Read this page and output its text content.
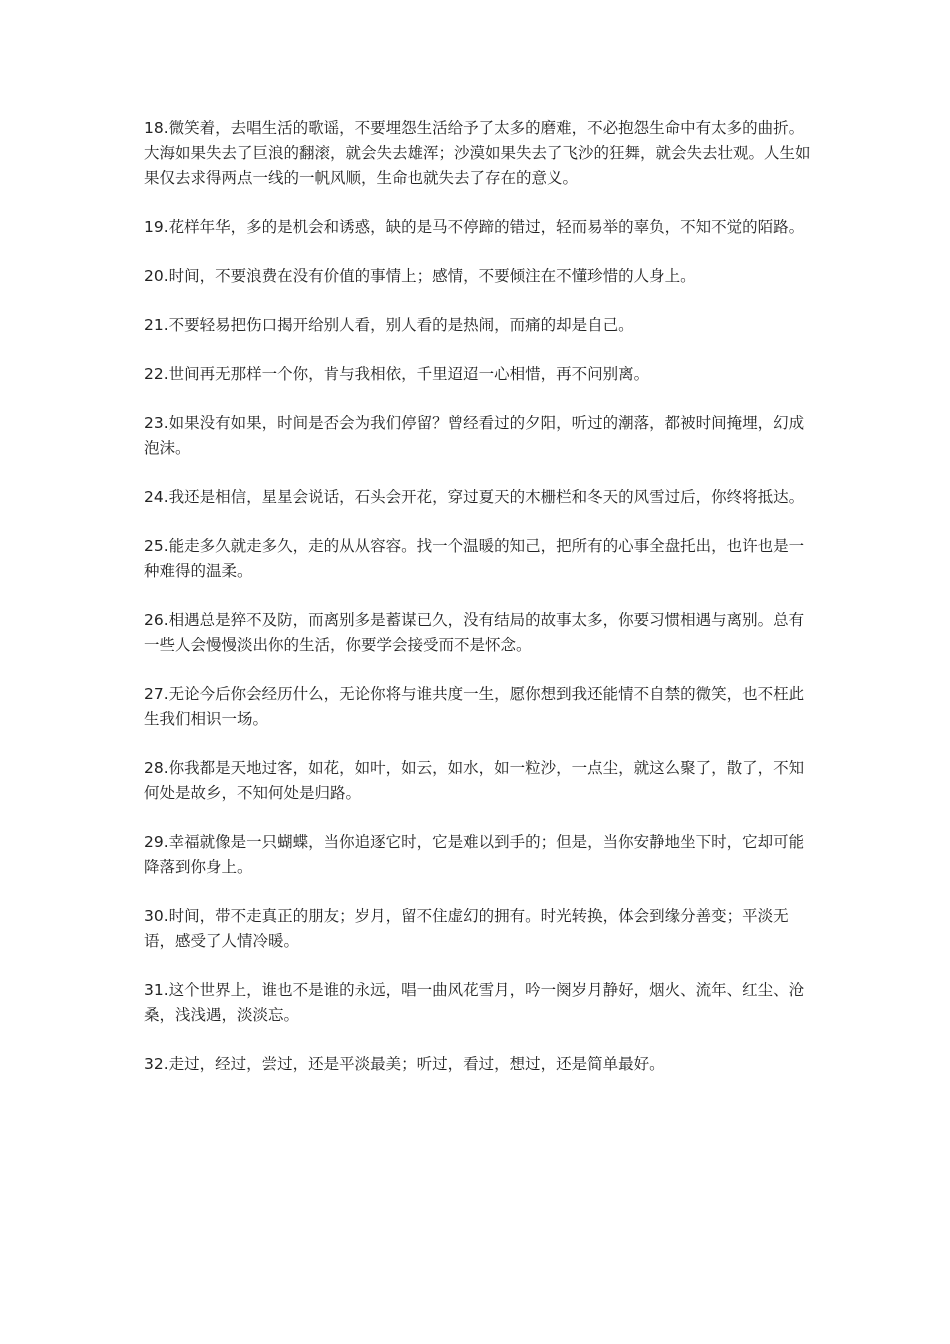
18.微笑着，去唱生活的歌谣，不要埋怨生活给予了太多的磨难，不必抱怨生命中有太多的曲折。大海如果失去了巨浪的翻滚，就会失去雄浑；沙漠如果失去了飞沙的狂舞，就会失去壮观。人生如果仅去求得两点一线的一帆风顺，生命也就失去了存在的意义。

19.花样年华，多的是机会和诱惑，缺的是马不停蹄的错过，轻而易举的辜负，不知不觉的陌路。

20.时间，不要浪费在没有价值的事情上；感情，不要倾注在不懂珍惜的人身上。

21.不要轻易把伤口揭开给别人看，别人看的是热闹，而痛的却是自己。

22.世间再无那样一个你，肯与我相依，千里迢迢一心相惜，再不问别离。

23.如果没有如果，时间是否会为我们停留？曾经看过的夕阳，听过的潮落，都被时间掩埋，幻成泡沫。

24.我还是相信，星星会说话，石头会开花，穿过夏天的木栅栏和冬天的风雪过后，你终将抵达。

25.能走多久就走多久，走的从从容容。找一个温暖的知己，把所有的心事全盘托出，也许也是一种难得的温柔。

26.相遇总是猝不及防，而离别多是蓄谋已久，没有结局的故事太多，你要习惯相遇与离别。总有一些人会慢慢淡出你的生活，你要学会接受而不是怀念。

27.无论今后你会经历什么，无论你将与谁共度一生，愿你想到我还能情不自禁的微笑，也不枉此生我们相识一场。

28.你我都是天地过客，如花，如叶，如云，如水，如一粒沙，一点尘，就这么聚了，散了，不知何处是故乡，不知何处是归路。

29.幸福就像是一只蝴蝶，当你追逐它时，它是难以到手的；但是，当你安静地坐下时，它却可能降落到你身上。

30.时间，带不走真正的朋友；岁月，留不住虚幻的拥有。时光转换，体会到缘分善变；平淡无语，感受了人情冷暖。

31.这个世界上，谁也不是谁的永远，唱一曲风花雪月，吟一阕岁月静好，烟火、流年、红尘、沧桑，浅浅遇，淡淡忘。

32.走过，经过，尝过，还是平淡最美；听过，看过，想过，还是简单最好。
